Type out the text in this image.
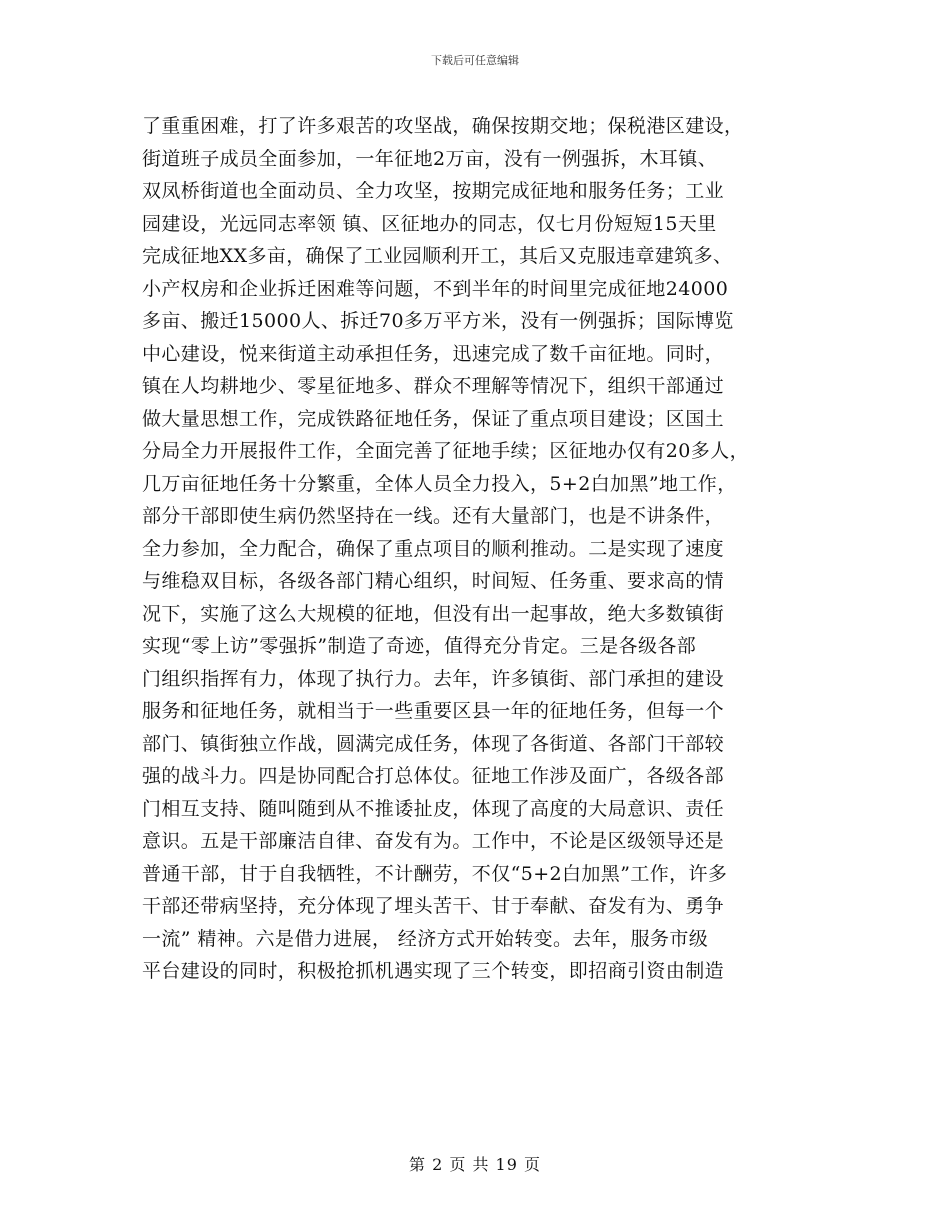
下载后可任意编辑
了重重困难，打了许多艰苦的攻坚战，确保按期交地；保税港区建设，
街道班子成员全面参加，一年征地2万亩，没有一例强拆，木耳镇、
双凤桥街道也全面动员、全力攻坚，按期完成征地和服务任务；工业
园建设，光远同志率领 镇、区征地办的同志，仅七月份短短15天里
完成征地XX多亩，确保了工业园顺利开工，其后又克服违章建筑多、
小产权房和企业拆迁困难等问题，不到半年的时间里完成征地24000
多亩、搬迁15000人、拆迁70多万平方米，没有一例强拆；国际博览
中心建设，悦来街道主动承担任务，迅速完成了数千亩征地。同时，
镇在人均耕地少、零星征地多、群众不理解等情况下，组织干部通过
做大量思想工作，完成铁路征地任务，保证了重点项目建设；区国土
分局全力开展报件工作，全面完善了征地手续；区征地办仅有20多人，
几万亩征地任务十分繁重，全体人员全力投入，5+2白加黑”地工作，
部分干部即使生病仍然坚持在一线。还有大量部门，也是不讲条件，
全力参加，全力配合，确保了重点项目的顺利推动。二是实现了速度
与维稳双目标，各级各部门精心组织，时间短、任务重、要求高的情
况下，实施了这么大规模的征地，但没有出一起事故，绝大多数镇街
实现“零上访”零强拆”制造了奇迹，值得充分肯定。三是各级各部
门组织指挥有力，体现了执行力。去年，许多镇街、部门承担的建设
服务和征地任务，就相当于一些重要区县一年的征地任务，但每一个
部门、镇街独立作战，圆满完成任务，体现了各街道、各部门干部较
强的战斗力。四是协同配合打总体仗。征地工作涉及面广，各级各部
门相互支持、随叫随到从不推诿扯皮，体现了高度的大局意识、责任
意识。五是干部廉洁自律、奋发有为。工作中，不论是区级领导还是
普通干部，甘于自我牺牲，不计酬劳，不仅“5+2白加黑”工作，许多
干部还带病坚持，充分体现了埋头苦干、甘于奉献、奋发有为、勇争
一流” 精神。六是借力进展， 经济方式开始转变。去年，服务市级
平台建设的同时，积极抢抓机遇实现了三个转变，即招商引资由制造
第 2 页 共 19 页
